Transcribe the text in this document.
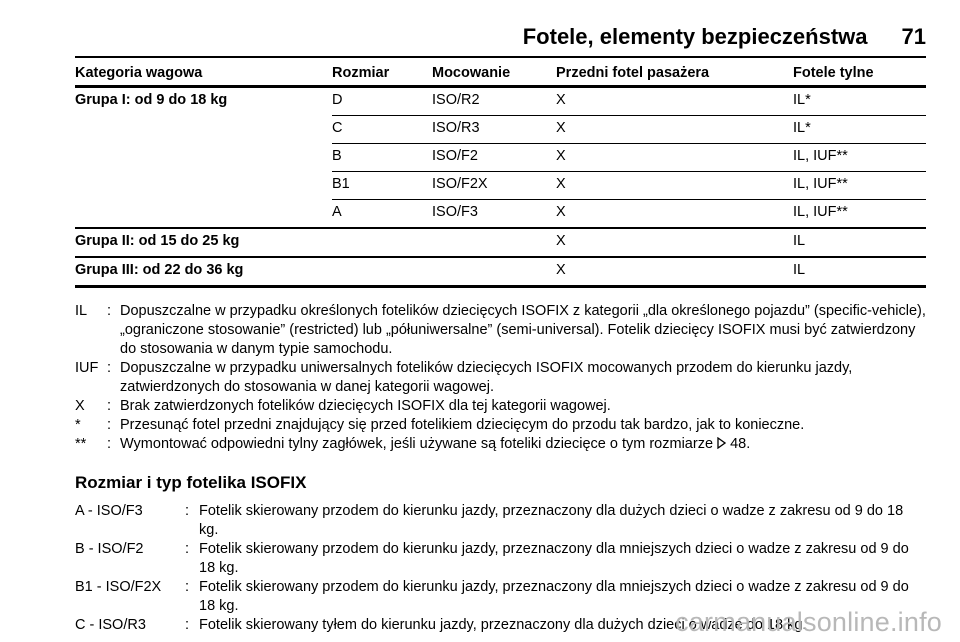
Fotele, elementy bezpieczeństwa 71
Kategoria wagowa	Rozmiar	Mocowanie	Przedni fotel pasażera	Fotele tylne
Grupa I: od 9 do 18 kg	D	ISO/R2	X	IL*
	C	ISO/R3	X	IL*
	B	ISO/F2	X	IL, IUF**
	B1	ISO/F2X	X	IL, IUF**
	A	ISO/F3	X	IL, IUF**
Grupa II: od 15 do 25 kg			X	IL
Grupa III: od 22 do 36 kg			X	IL
IL	: Dopuszczalne w przypadku określonych fotelików dziecięcych ISOFIX z kategorii „dla określonego pojazdu” (specific-vehicle), „ograniczone stosowanie” (restricted) lub „półuniwersalne” (semi-universal). Fotelik dziecięcy ISOFIX musi być zatwierdzony do stosowania w danym typie samochodu.
IUF : Dopuszczalne w przypadku uniwersalnych fotelików dziecięcych ISOFIX mocowanych przodem do kierunku jazdy, zatwierdzonych do stosowania w danej kategorii wagowej.
X	: Brak zatwierdzonych fotelików dziecięcych ISOFIX dla tej kategorii wagowej.
*	: Przesunąć fotel przedni znajdujący się przed fotelikiem dziecięcym do przodu tak bardzo, jak to konieczne.
**	: Wymontować odpowiedni tylny zagłówek, jeśli używane są foteliki dziecięce o tym rozmiarze 48.
Rozmiar i typ fotelika ISOFIX
A - ISO/F3	: Fotelik skierowany przodem do kierunku jazdy, przeznaczony dla dużych dzieci o wadze z zakresu od 9 do 18 kg.
B - ISO/F2	: Fotelik skierowany przodem do kierunku jazdy, przeznaczony dla mniejszych dzieci o wadze z zakresu od 9 do 18 kg.
B1 - ISO/F2X	: Fotelik skierowany przodem do kierunku jazdy, przeznaczony dla mniejszych dzieci o wadze z zakresu od 9 do 18 kg.
C - ISO/R3	: Fotelik skierowany tyłem do kierunku jazdy, przeznaczony dla dużych dzieci o wadze do 18 kg.
carmanualsonline.info
